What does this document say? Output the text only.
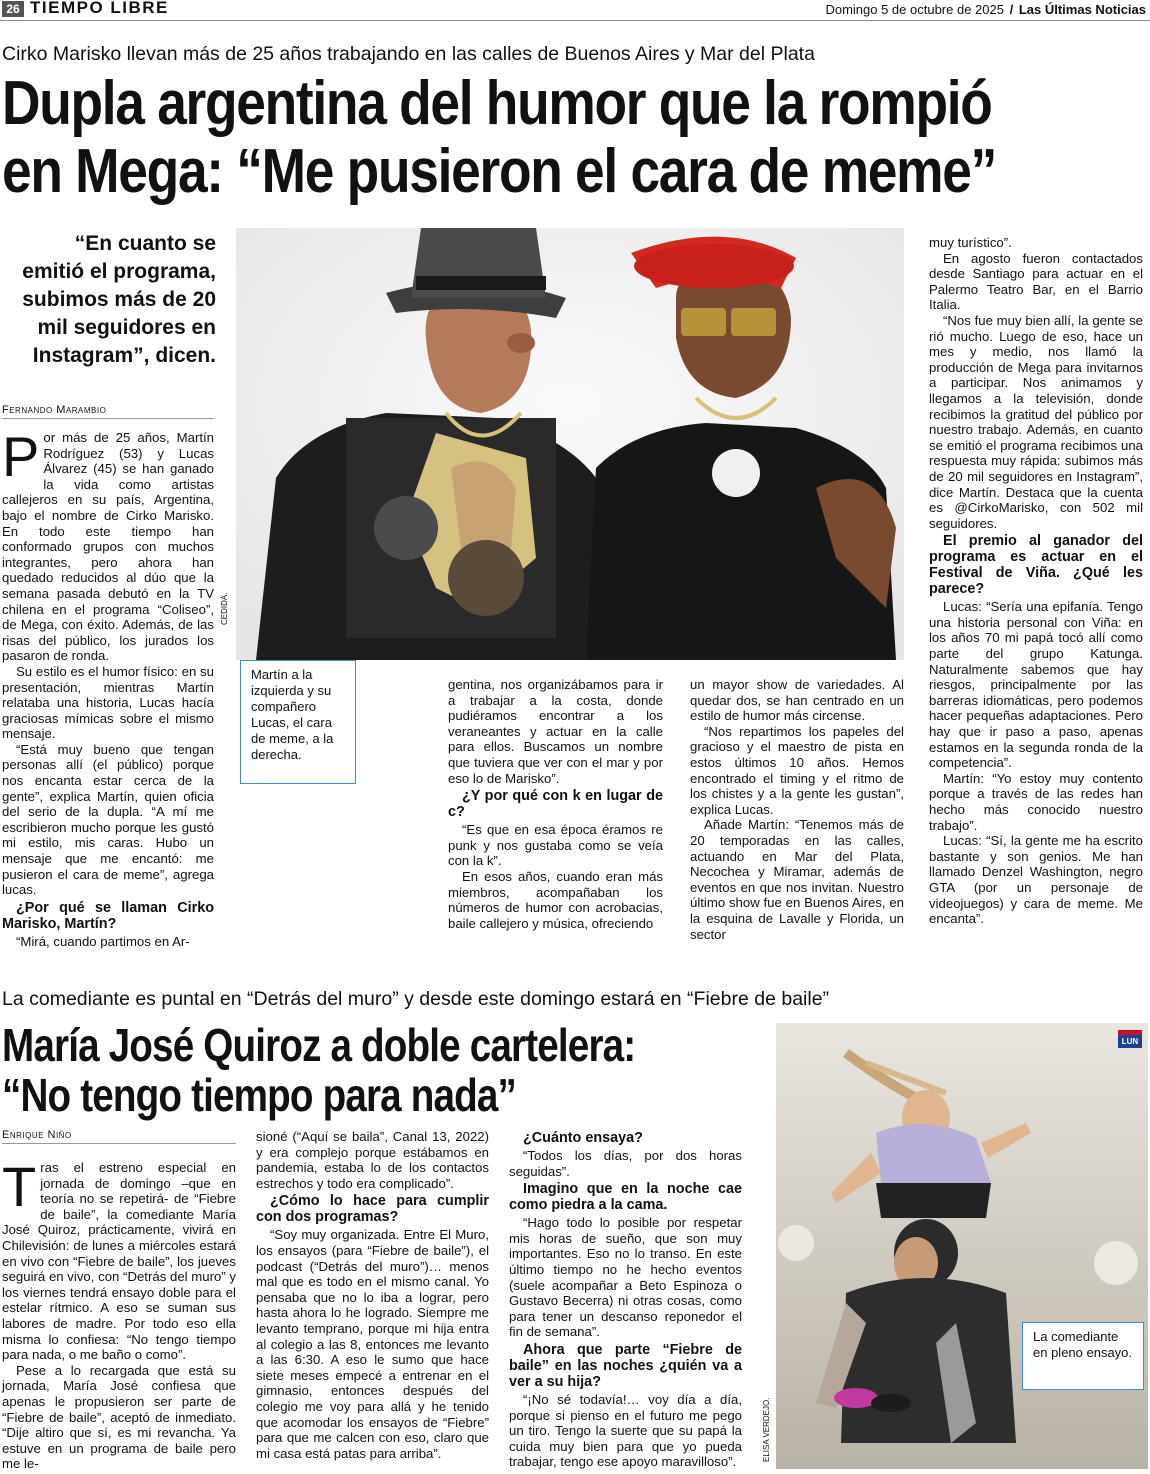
26 TIEMPO LIBRE	Domingo 5 de octubre de 2025 / Las Últimas Noticias
Cirko Marisko llevan más de 25 años trabajando en las calles de Buenos Aires y Mar del Plata
Dupla argentina del humor que la rompió
en Mega: “Me pusieron el cara de meme”
“En cuanto se emitió el programa, subimos más de 20 mil seguidores en Instagram”, dicen.
Fernando Marambio
P or más de 25 años, Martín Rodríguez (53) y Lucas Álvarez (45) se han ganado la vida como artistas callejeros en su país, Argentina, bajo el nombre de Cirko Marisko. En todo este tiempo han conformado grupos con muchos integrantes, pero ahora han quedado reducidos al dúo que la semana pasada debutó en la TV chilena en el programa “Coliseo”, de Mega, con éxito. Además, de las risas del público, los jurados los pasaron de ronda.

Su estilo es el humor físico: en su presentación, mientras Martín relataba una historia, Lucas hacía graciosas mímicas sobre el mismo mensaje.

“Está muy bueno que tengan personas allí (el público) porque nos encanta estar cerca de la gente”, explica Martín, quien oficia del serio de la dupla. “A mí me escribieron mucho porque les gustó mi estilo, mis caras. Hubo un mensaje que me encantó: me pusieron el cara de meme”, agrega lucas.

¿Por qué se llaman Cirko Marisko, Martín?

“Mirá, cuando partimos en Ar-

CEDIDA.
Martín a la izquierda y su compañero Lucas, el cara de meme, a la derecha.

gentina, nos organizábamos para ir a trabajar a la costa, donde pudiéramos encontrar a los veraneantes y actuar en la calle para ellos. Buscamos un nombre que tuviera que ver con el mar y por eso lo de Marisko”.

¿Y por qué con k en lugar de c?

“Es que en esa época éramos re punk y nos gustaba como se veía con la k”.

En esos años, cuando eran más miembros, acompañaban los números de humor con acrobacias, baile callejero y música, ofreciendo

un mayor show de variedades. Al quedar dos, se han centrado en un estilo de humor más circense.

“Nos repartimos los papeles del gracioso y el maestro de pista en estos últimos 10 años. Hemos encontrado el timing y el ritmo de los chistes y a la gente les gustan”, explica Lucas.

Añade Martín: “Tenemos más de 20 temporadas en las calles, actuando en Mar del Plata, Necochea y Miramar, además de eventos en que nos invitan. Nuestro último show fue en Buenos Aires, en la esquina de Lavalle y Florida, un sector

muy turístico”.

En agosto fueron contactados desde Santiago para actuar en el Palermo Teatro Bar, en el Barrio Italia.

“Nos fue muy bien allí, la gente se rió mucho. Luego de eso, hace un mes y medio, nos llamó la producción de Mega para invitarnos a participar. Nos animamos y llegamos a la televisión, donde recibimos la gratitud del público por nuestro trabajo. Además, en cuanto se emitió el programa recibimos una respuesta muy rápida: subimos más de 20 mil seguidores en Instagram”, dice Martín. Destaca que la cuenta es @CirkoMarisko, con 502 mil seguidores.

El premio al ganador del programa es actuar en el Festival de Viña. ¿Qué les parece?

Lucas: “Sería una epifanía. Tengo una historia personal con Viña: en los años 70 mi papá tocó allí como parte del grupo Katunga. Naturalmente sabemos que hay riesgos, principalmente por las barreras idiomáticas, pero podemos hacer pequeñas adaptaciones. Pero hay que ir paso a paso, apenas estamos en la segunda ronda de la competencia”.

Martín: “Yo estoy muy contento porque a través de las redes han hecho más conocido nuestro trabajo”.

Lucas: “Sí, la gente me ha escrito bastante y son genios. Me han llamado Denzel Washington, negro GTA (por un personaje de videojuegos) y cara de meme. Me encanta”.

La comediante es puntal en “Detrás del muro” y desde este domingo estará en “Fiebre de baile”
María José Quiroz a doble cartelera:
“No tengo tiempo para nada”
Enrique Niño
T ras el estreno especial en jornada de domingo –que en teoría no se repetirá- de “Fiebre de baile”, la comediante María José Quiroz, prácticamente, vivirá en Chilevisión: de lunes a miércoles estará en vivo con “Fiebre de baile”, los jueves seguirá en vivo, con “Detrás del muro” y los viernes tendrá ensayo doble para el estelar rítmico. A eso se suman sus labores de madre. Por todo eso ella misma lo confiesa: “No tengo tiempo para nada, o me baño o como”.

Pese a lo recargada que está su jornada, María José confiesa que apenas le propusieron ser parte de “Fiebre de baile”, aceptó de inmediato. “Dije altiro que sí, es mi revancha. Ya estuve en un programa de baile pero me le-

sioné (“Aquí se baila”, Canal 13, 2022) y era complejo porque estábamos en pandemia, estaba lo de los contactos estrechos y todo era complicado”.

¿Cómo lo hace para cumplir con dos programas?

“Soy muy organizada. Entre El Muro, los ensayos (para “Fiebre de baile”), el podcast (“Detrás del muro”)… menos mal que es todo en el mismo canal. Yo pensaba que no lo iba a lograr, pero hasta ahora lo he logrado. Siempre me levanto temprano, porque mi hija entra al colegio a las 8, entonces me levanto a las 6:30. A eso le sumo que hace siete meses empecé a entrenar en el gimnasio, entonces después del colegio me voy para allá y he tenido que acomodar los ensayos de “Fiebre” para que me calcen con eso, claro que mi casa está patas para arriba”.

¿Cuánto ensaya?

“Todos los días, por dos horas seguidas”.

Imagino que en la noche cae como piedra a la cama.

“Hago todo lo posible por respetar mis horas de sueño, que son muy importantes. Eso no lo transo. En este último tiempo no he hecho eventos (suele acompañar a Beto Espinoza o Gustavo Becerra) ni otras cosas, como para tener un descanso reponedor el fin de semana”.

Ahora que parte “Fiebre de baile” en las noches ¿quién va a ver a su hija?

“¡No sé todavía!… voy día a día, porque si pienso en el futuro me pego un tiro. Tengo la suerte que su papá la cuida muy bien para que yo pueda trabajar, tengo ese apoyo maravilloso”.

LUN
ELISA VERDEJO.
La comediante en pleno ensayo.
